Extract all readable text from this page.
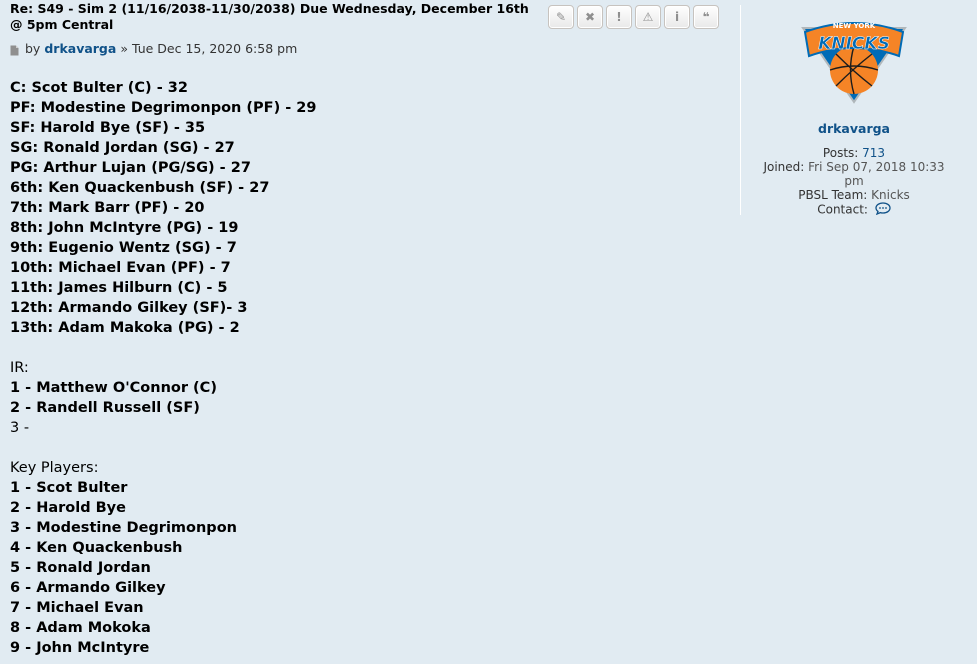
Re: S49 - Sim 2 (11/16/2038-11/30/2038) Due Wednesday, December 16th @ 5pm Central
by
drkavarga » Tue Dec 15, 2020 6:58 pm
C: Scot Bulter (C) - 32
PF: Modestine Degrimonpon (PF) - 29
SF: Harold Bye (SF) - 35
SG: Ronald Jordan (SG) - 27
PG: Arthur Lujan (PG/SG) - 27
6th: Ken Quackenbush (SF) - 27
7th: Mark Barr (PF) - 20
8th: John McIntyre (PG) - 19
9th: Eugenio Wentz (SG) - 7
10th: Michael Evan (PF) - 7
11th: James Hilburn (C) - 5
12th: Armando Gilkey (SF)- 3
13th: Adam Makoka (PG) - 2
IR:
1 - Matthew O'Connor (C)
2 - Randell Russell (SF)
3 -
Key Players:
1 - Scot Bulter
2 - Harold Bye
3 - Modestine Degrimonpon
4 - Ken Quackenbush
5 - Ronald Jordan
6 - Armando Gilkey
7 - Michael Evan
8 - Adam Mokoka
9 - John McIntyre
✎ ✖ ! ⚠ i ❝
NEW YORK
KNICKS
drkavarga
Posts: 713
Joined: Fri Sep 07, 2018 10:33 pm
PBSL Team: Knicks
Contact:
